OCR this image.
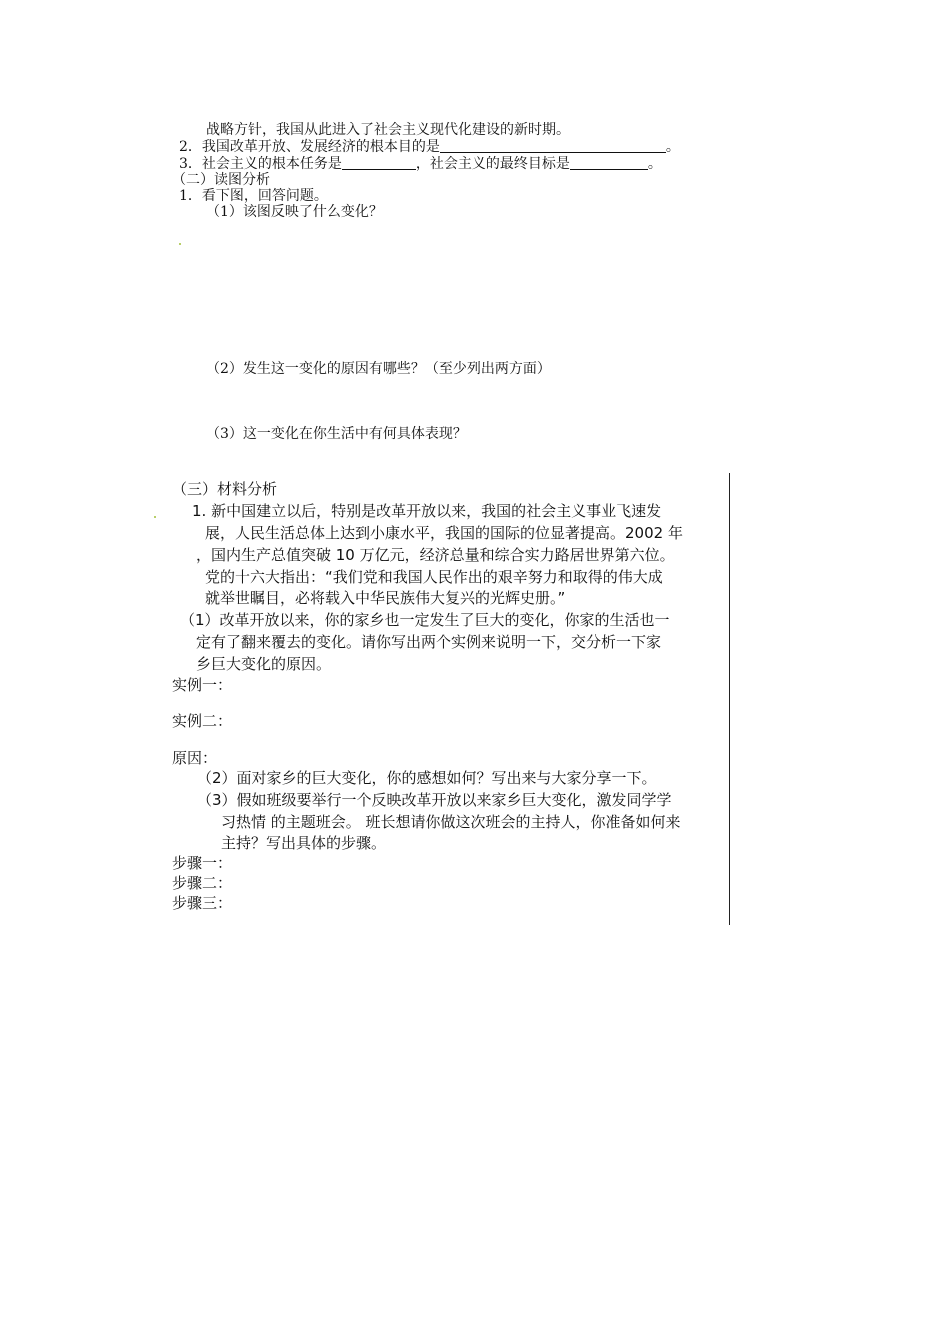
战略方针，我国从此进入了社会主义现代化建设的新时期。
2．我国改革开放、发展经济的根本目的是	。
3．社会主义的根本任务是	，社会主义的最终目标是	。
（二）读图分析
1．看下图，回答问题。
（1）该图反映了什么变化？
（2）发生这一变化的原因有哪些？（至少列出两方面）
（3）这一变化在你生活中有何具体表现？
（三）材料分析
1. 新中国建立以后，特别是改革开放以来，我国的社会主义事业飞速发
展，人民生活总体上达到小康水平，我国的国际的位显著提高。2002 年
，国内生产总值突破 10 万亿元，经济总量和综合实力路居世界第六位。
党的十六大指出：“我们党和我国人民作出的艰辛努力和取得的伟大成
就举世瞩目，必将载入中华民族伟大复兴的光辉史册。”
（1）改革开放以来，你的家乡也一定发生了巨大的变化，你家的生活也一
定有了翻来覆去的变化。请你写出两个实例来说明一下，交分析一下家
乡巨大变化的原因。
实例一：
实例二：
原因：
（2）面对家乡的巨大变化，你的感想如何？写出来与大家分享一下。
（3）假如班级要举行一个反映改革开放以来家乡巨大变化，激发同学学
习热情 的主题班会。 班长想请你做这次班会的主持人，你准备如何来
主持？写出具体的步骤。
步骤一：
步骤二：
步骤三：
